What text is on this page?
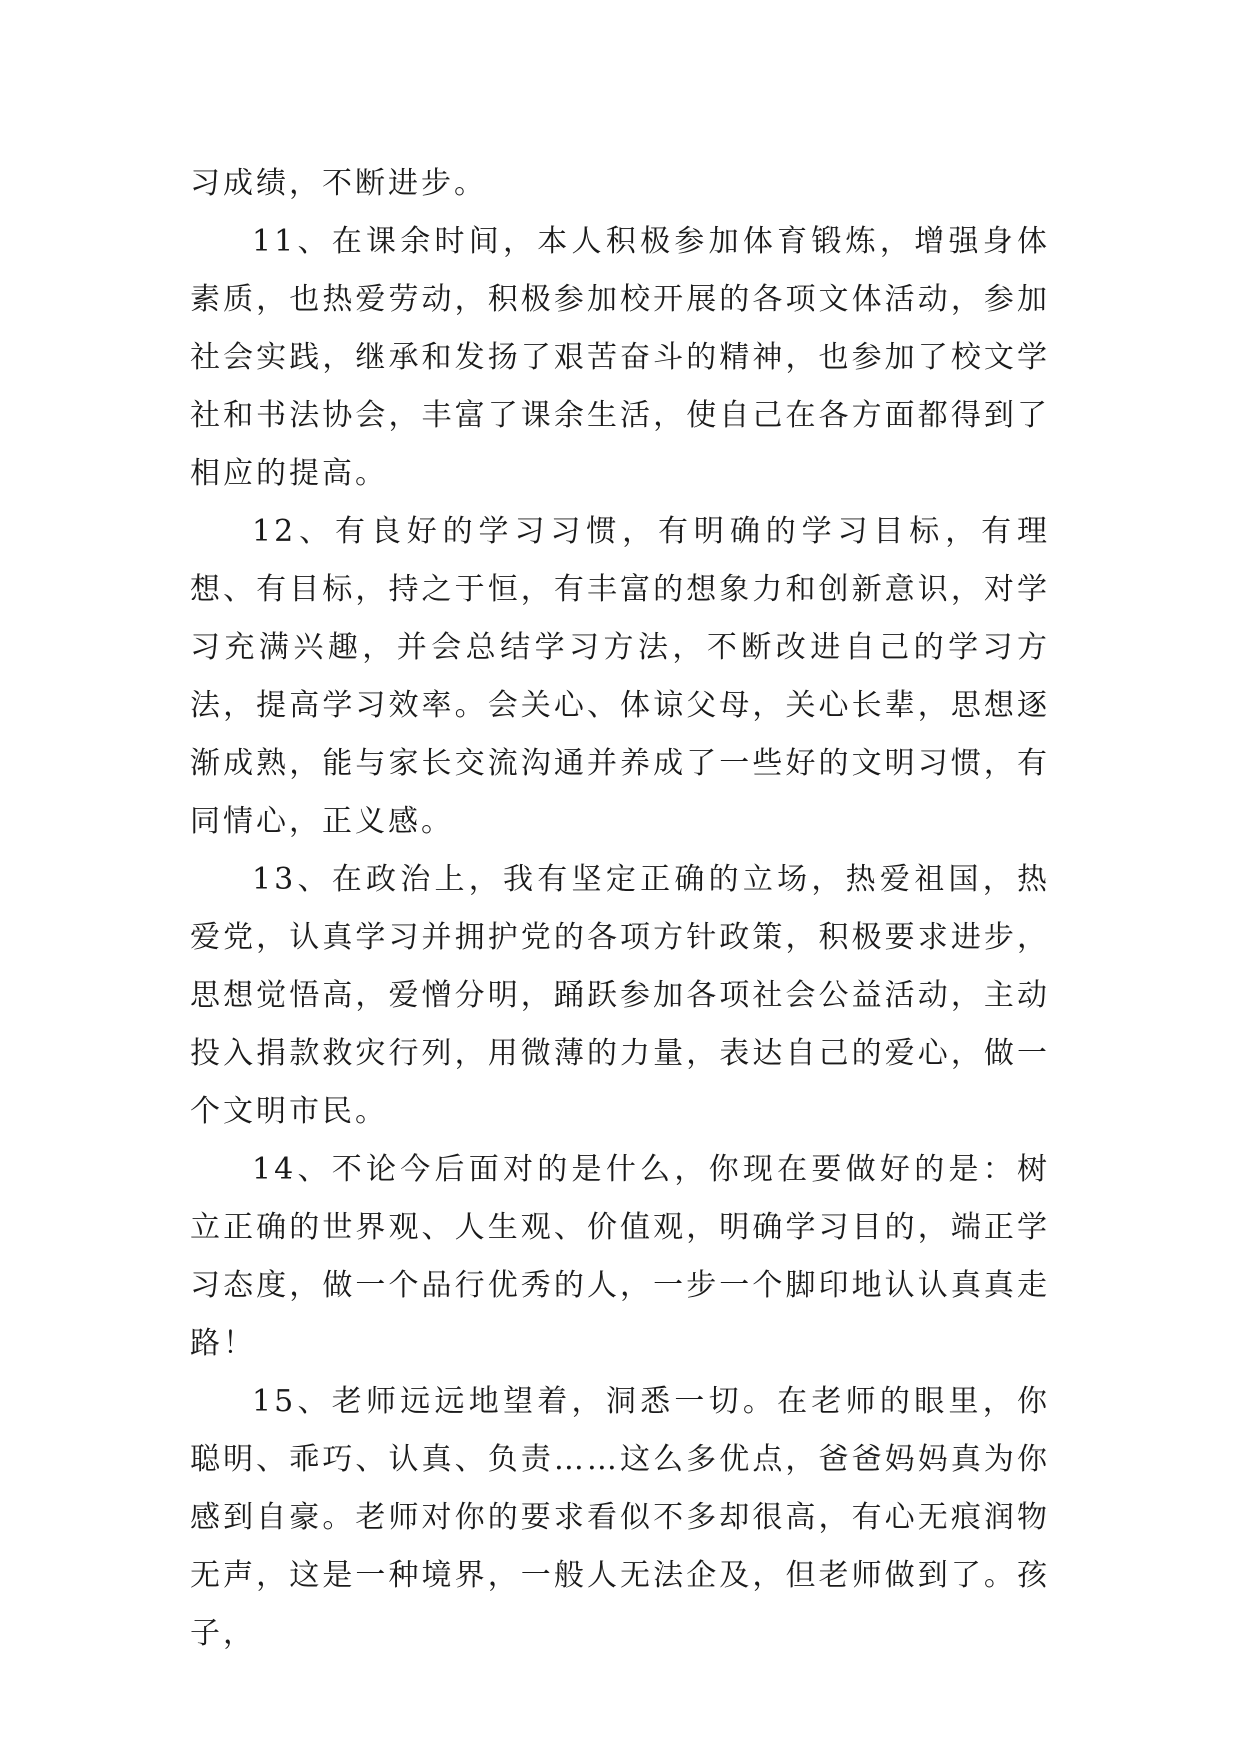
习成绩，不断进步。

11、在课余时间，本人积极参加体育锻炼，增强身体素质，也热爱劳动，积极参加校开展的各项文体活动，参加社会实践，继承和发扬了艰苦奋斗的精神，也参加了校文学社和书法协会，丰富了课余生活，使自己在各方面都得到了相应的提高。

12、有良好的学习习惯，有明确的学习目标，有理想、有目标，持之于恒，有丰富的想象力和创新意识，对学习充满兴趣，并会总结学习方法，不断改进自己的学习方法，提高学习效率。会关心、体谅父母，关心长辈，思想逐渐成熟，能与家长交流沟通并养成了一些好的文明习惯，有同情心，正义感。

13、在政治上，我有坚定正确的立场，热爱祖国，热爱党，认真学习并拥护党的各项方针政策，积极要求进步，思想觉悟高，爱憎分明，踊跃参加各项社会公益活动，主动投入捐款救灾行列，用微薄的力量，表达自己的爱心，做一个文明市民。

14、不论今后面对的是什么，你现在要做好的是：树立正确的世界观、人生观、价值观，明确学习目的，端正学习态度，做一个品行优秀的人，一步一个脚印地认认真真走路！

15、老师远远地望着，洞悉一切。在老师的眼里，你聪明、乖巧、认真、负责……这么多优点，爸爸妈妈真为你感到自豪。老师对你的要求看似不多却很高，有心无痕润物无声，这是一种境界，一般人无法企及，但老师做到了。孩子，
